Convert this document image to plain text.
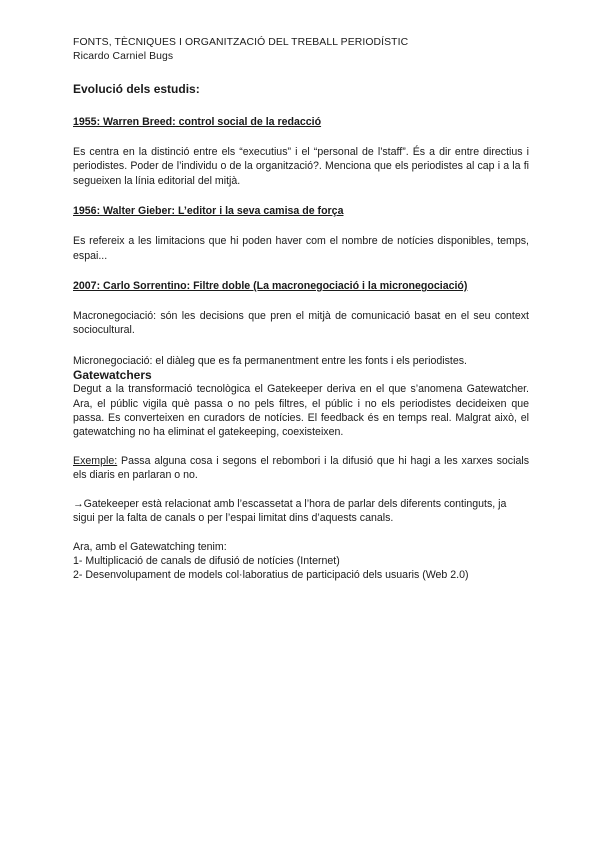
FONTS, TÈCNIQUES I ORGANITZACIÓ DEL TREBALL PERIODÍSTIC

Ricardo Carniel Bugs

Evolució dels estudis:
1955: Warren Breed: control social de la redacció

Es centra en la distinció entre els “executius” i el “personal de l’staff”. És a dir entre directius i periodistes. Poder de l’individu o de la organització?. Menciona que els periodistes al cap i a la fi segueixen la línia editorial del mitjà.

1956: Walter Gieber: L’editor i la seva camisa de força

Es refereix a les limitacions que hi poden haver com el nombre de notícies disponibles, temps, espai...

2007: Carlo Sorrentino: Filtre doble (La macronegociació i la micronegociació)

Macronegociació: són les decisions que pren el mitjà de comunicació basat en el seu context sociocultural.

Micronegociació: el diàleg que es fa permanentment entre les fonts i els periodistes.

Gatewatchers

Degut a la transformació tecnològica el Gatekeeper deriva en el que s’anomena Gatewatcher. Ara, el públic vigila què passa o no pels filtres, el públic i no els periodistes decideixen que passa. Es converteixen en curadors de notícies. El feedback és en temps real. Malgrat això, el gatewatching no ha eliminat el gatekeeping, coexisteixen.

Exemple: Passa alguna cosa i segons el rebombori i la difusió que hi hagi a les xarxes socials els diaris en parlaran o no.

→Gatekeeper està relacionat amb l’escassetat a l’hora de parlar dels diferents continguts, ja sigui per la falta de canals o per l’espai limitat dins d’aquests canals.

Ara, amb el Gatewatching tenim:

1- Multiplicació de canals de difusió de notícies (Internet)

2- Desenvolupament de models col·laboratius de participació dels usuaris (Web 2.0)
